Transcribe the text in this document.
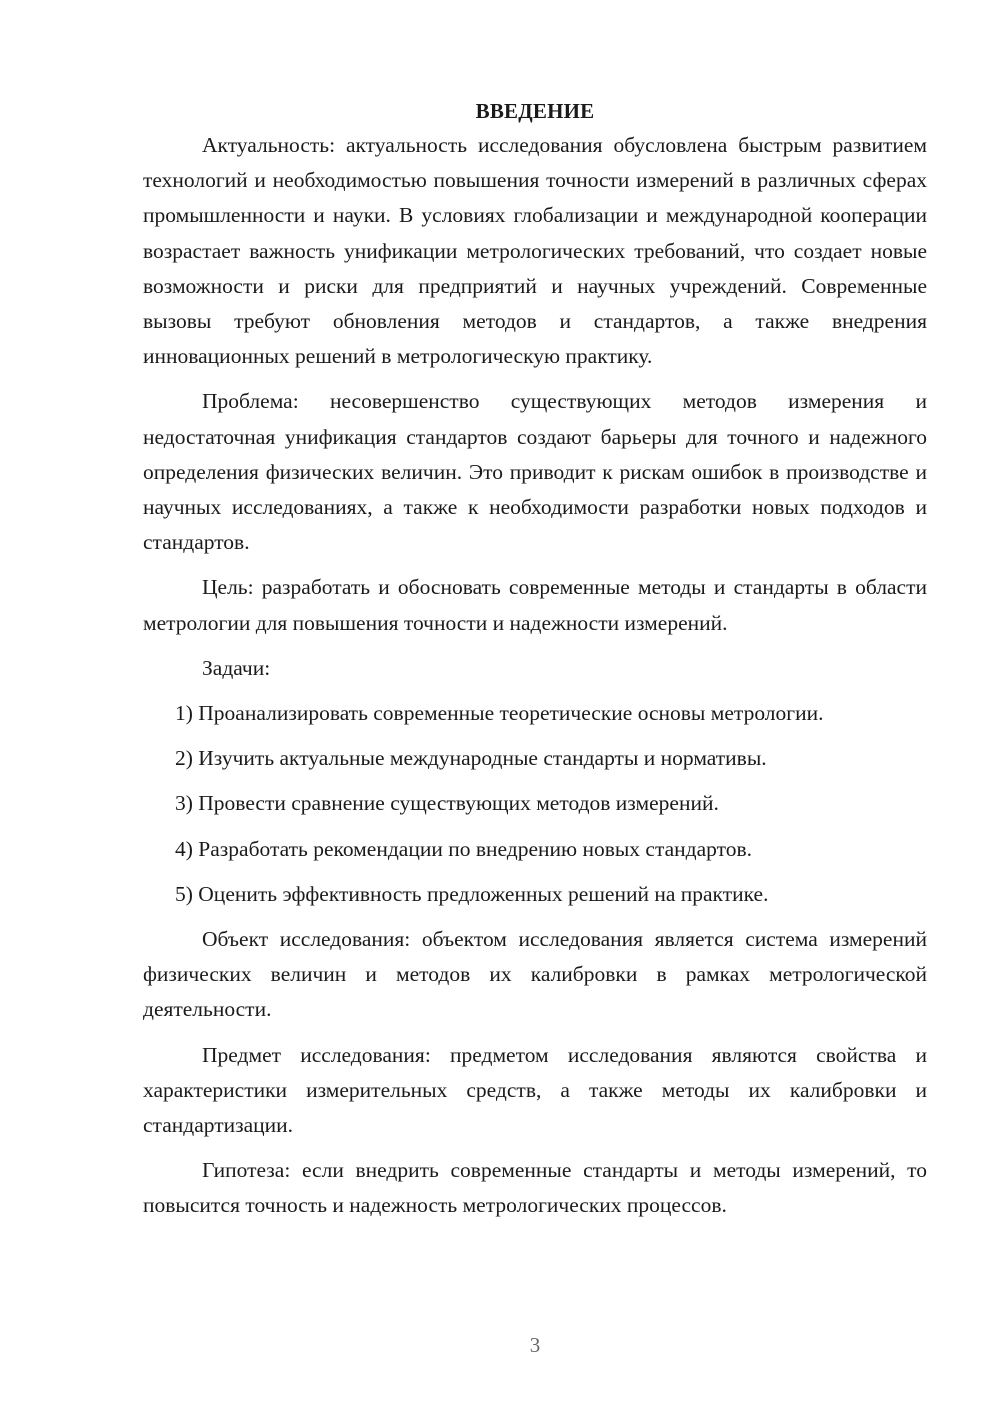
ВВЕДЕНИЕ

Актуальность: актуальность исследования обусловлена быстрым развитием технологий и необходимостью повышения точности измерений в различных сферах промышленности и науки. В условиях глобализации и международной кооперации возрастает важность унификации метрологических требований, что создает новые возможности и риски для предприятий и научных учреждений. Современные вызовы требуют обновления методов и стандартов, а также внедрения инновационных решений в метрологическую практику.

Проблема: несовершенство существующих методов измерения и недостаточная унификация стандартов создают барьеры для точного и надежного определения физических величин. Это приводит к рискам ошибок в производстве и научных исследованиях, а также к необходимости разработки новых подходов и стандартов.

Цель: разработать и обосновать современные методы и стандарты в области метрологии для повышения точности и надежности измерений.

Задачи:

1) Проанализировать современные теоретические основы метрологии.

2) Изучить актуальные международные стандарты и нормативы.

3) Провести сравнение существующих методов измерений.

4) Разработать рекомендации по внедрению новых стандартов.

5) Оценить эффективность предложенных решений на практике.

Объект исследования: объектом исследования является система измерений физических величин и методов их калибровки в рамках метрологической деятельности.

Предмет исследования: предметом исследования являются свойства и характеристики измерительных средств, а также методы их калибровки и стандартизации.

Гипотеза: если внедрить современные стандарты и методы измерений, то повысится точность и надежность метрологических процессов.

3
